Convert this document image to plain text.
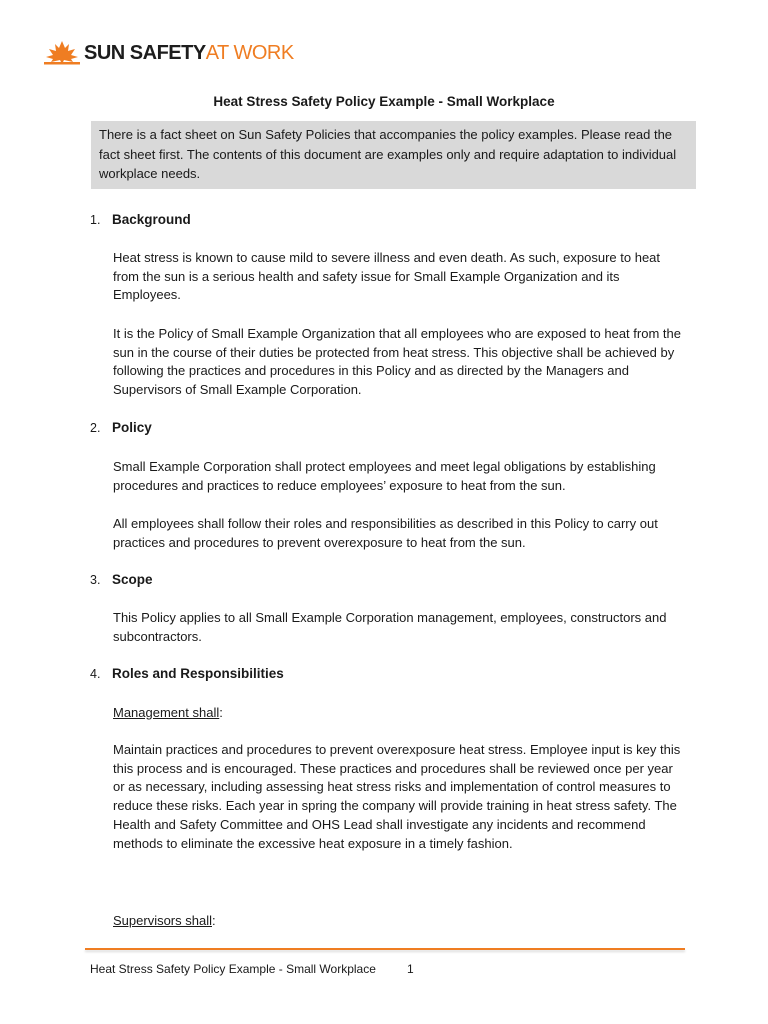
SUN SAFETYAT WORK
Heat Stress Safety Policy Example - Small Workplace
There is a fact sheet on Sun Safety Policies that accompanies the policy examples. Please read the fact sheet first. The contents of this document are examples only and require adaptation to individual workplace needs.
1. Background

Heat stress is known to cause mild to severe illness and even death. As such, exposure to heat from the sun is a serious health and safety issue for Small Example Organization and its Employees.

It is the Policy of Small Example Organization that all employees who are exposed to heat from the sun in the course of their duties be protected from heat stress. This objective shall be achieved by following the practices and procedures in this Policy and as directed by the Managers and Supervisors of Small Example Corporation.

2. Policy

Small Example Corporation shall protect employees and meet legal obligations by establishing procedures and practices to reduce employees’ exposure to heat from the sun.

All employees shall follow their roles and responsibilities as described in this Policy to carry out practices and procedures to prevent overexposure to heat from the sun.

3. Scope

This Policy applies to all Small Example Corporation management, employees, constructors and subcontractors.

4. Roles and Responsibilities

Management shall:

Maintain practices and procedures to prevent overexposure heat stress. Employee input is key this this process and is encouraged. These practices and procedures shall be reviewed once per year or as necessary, including assessing heat stress risks and implementation of control measures to reduce these risks. Each year in spring the company will provide training in heat stress safety. The Health and Safety Committee and OHS Lead shall investigate any incidents and recommend methods to eliminate the excessive heat exposure in a timely fashion.

Supervisors shall:

Heat Stress Safety Policy Example - Small Workplace	1
